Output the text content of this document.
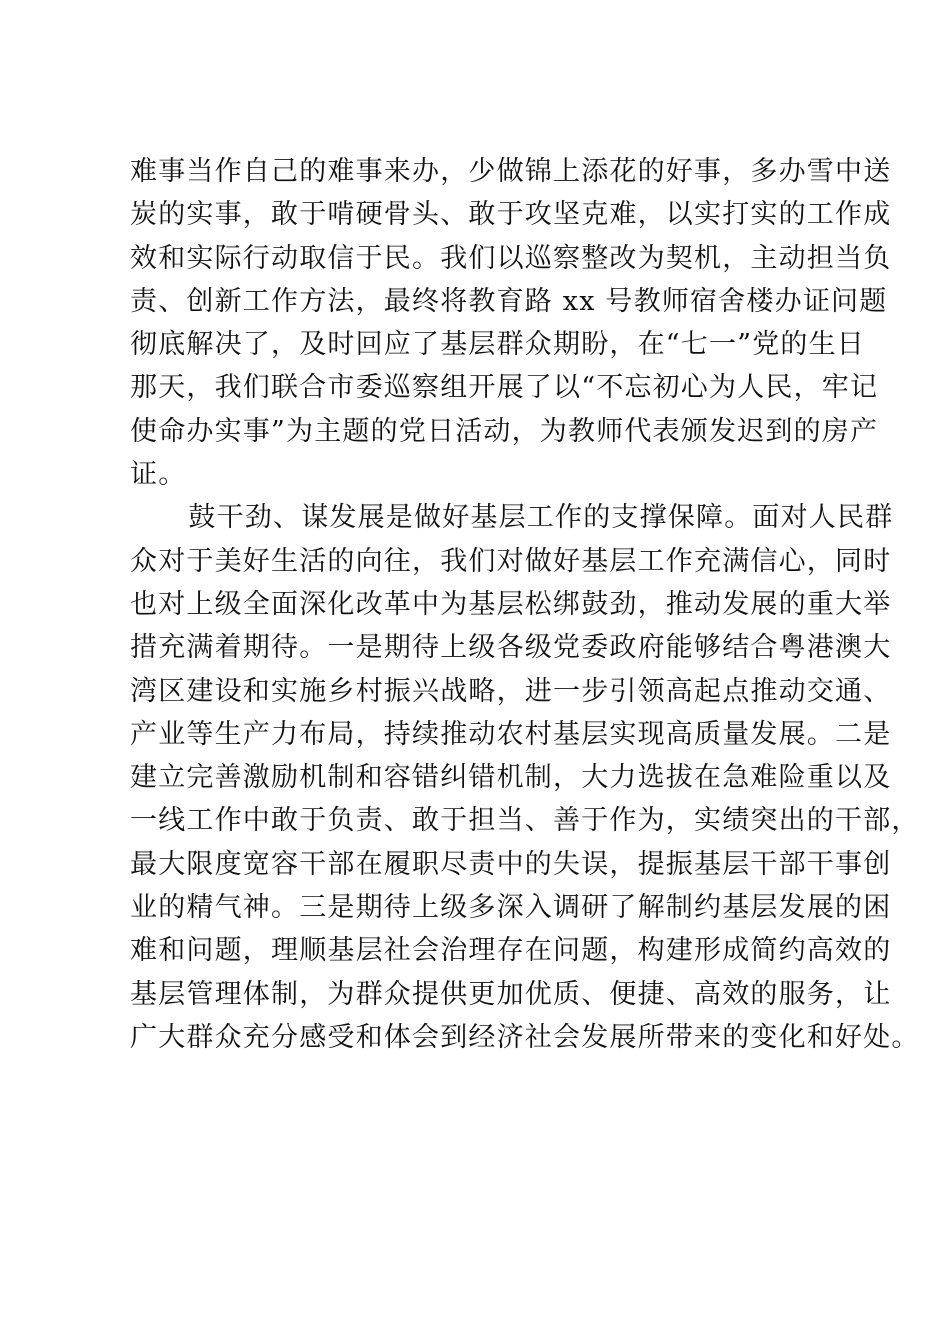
难事当作自己的难事来办，少做锦上添花的好事，多办雪中送
炭的实事，敢于啃硬骨头、敢于攻坚克难，以实打实的工作成
效和实际行动取信于民。我们以巡察整改为契机，主动担当负
责、创新工作方法，最终将教育路 xx 号教师宿舍楼办证问题
彻底解决了，及时回应了基层群众期盼，在“七一”党的生日
那天，我们联合市委巡察组开展了以“不忘初心为人民，牢记
使命办实事”为主题的党日活动，为教师代表颁发迟到的房产
证。
　　鼓干劲、谋发展是做好基层工作的支撑保障。面对人民群
众对于美好生活的向往，我们对做好基层工作充满信心，同时
也对上级全面深化改革中为基层松绑鼓劲，推动发展的重大举
措充满着期待。一是期待上级各级党委政府能够结合粤港澳大
湾区建设和实施乡村振兴战略，进一步引领高起点推动交通、
产业等生产力布局，持续推动农村基层实现高质量发展。二是
建立完善激励机制和容错纠错机制，大力选拔在急难险重以及
一线工作中敢于负责、敢于担当、善于作为，实绩突出的干部，
最大限度宽容干部在履职尽责中的失误，提振基层干部干事创
业的精气神。三是期待上级多深入调研了解制约基层发展的困
难和问题，理顺基层社会治理存在问题，构建形成简约高效的
基层管理体制，为群众提供更加优质、便捷、高效的服务，让
广大群众充分感受和体会到经济社会发展所带来的变化和好处。
